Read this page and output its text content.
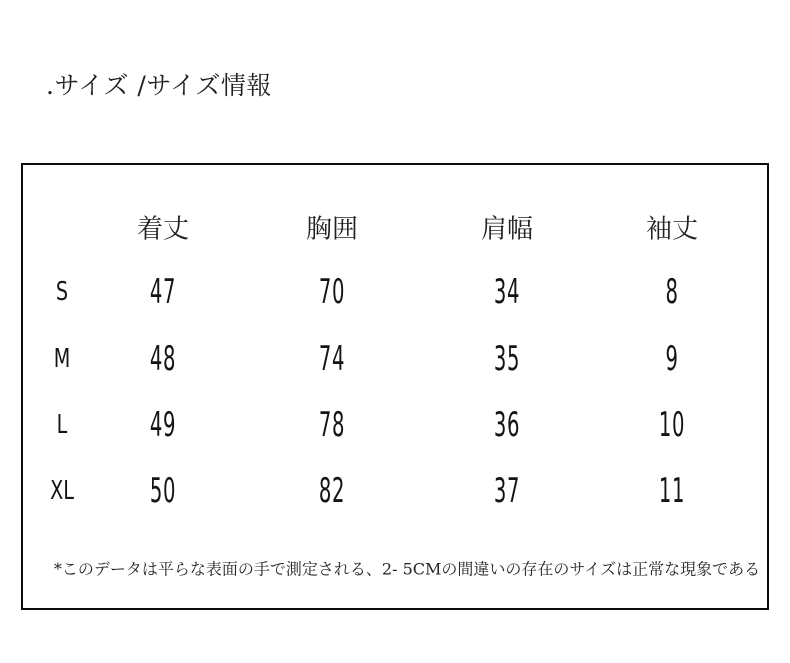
.サイズ /サイズ情報
着丈	胸囲	肩幅	袖丈
S 47	70	34	8
M 48	74	35	9
L 49	78	36	10
XL 50	82	37	11
*このデータは平らな表面の手で測定される、2- 5CMの間違いの存在のサイズは正常な現象である
